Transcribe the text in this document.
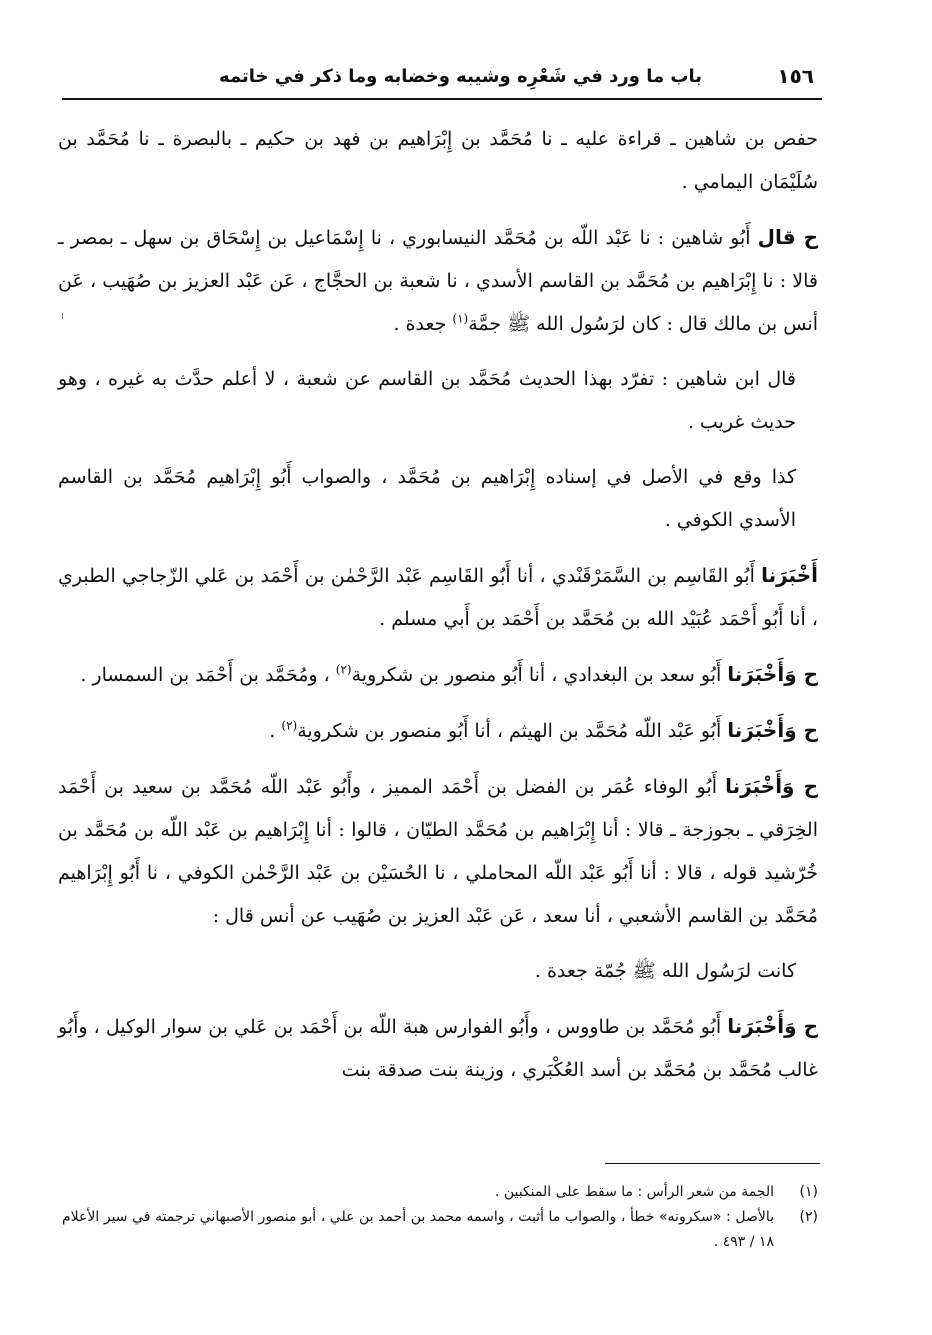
١٥٦
باب ما ورد في شَعْرِه وشيبه وخضابه وما ذكر في خاتمه

حفص بن شاهين ـ قراءة عليه ـ نا مُحَمَّد بن إِبْرَاهيم بن فهد بن حكيم ـ بالبصرة ـ نا مُحَمَّد بن سُلَيْمَان اليمامي .

ح قال أَبُو شاهين : نا عَبْد اللّه بن مُحَمَّد النيسابوري ، نا إِسْمَاعيل بن إِسْحَاق بن سهل ـ بمصر ـ قالا : نا إِبْرَاهيم بن مُحَمَّد بن القاسم الأسدي ، نا شعبة بن الحجَّاج ، عَن عَبْد العزيز بن صُهَيب ، عَن أنس بن مالك قال : كان لرَسُول الله ﷺ جمَّة$^{(١)}$ جعدة .

قال ابن شاهين : تفرّد بهذا الحديث مُحَمَّد بن القاسم عن شعبة ، لا أعلم حدَّث به غيره ، وهو حديث غريب .

كذا وقع في الأصل في إسناده إِبْرَاهيم بن مُحَمَّد ، والصواب أَبُو إِبْرَاهيم مُحَمَّد بن القاسم الأسدي الكوفي .

أَخْبَرَنا أَبُو القَاسِم بن السَّمَرْقَنْدي ، أنا أَبُو القَاسِم عَبْد الرَّحْمٰن بن أَحْمَد بن عَلي الزّجاجي الطبري ، أنا أَبُو أَحْمَد عُبَيْد الله بن مُحَمَّد بن أَحْمَد بن أَبي مسلم .

ح وَأَخْبَرَنا أَبُو سعد بن البغدادي ، أنا أَبُو منصور بن شكروية$^{(٢)}$ ، ومُحَمَّد بن أَحْمَد بن السمسار .

ح وَأَخْبَرَنا أَبُو عَبْد اللّه مُحَمَّد بن الهيثم ، أنا أَبُو منصور بن شكروية$^{(٢)}$ .

ح وَأَخْبَرَنا أَبُو الوفاء عُمَر بن الفضل بن أَحْمَد المميز ، وأَبُو عَبْد اللّه مُحَمَّد بن سعيد بن أَحْمَد الخِرَقي ـ بجوزجة ـ قالا : أنا إِبْرَاهيم بن مُحَمَّد الطيّان ، قالوا : أنا إِبْرَاهيم بن عَبْد اللّه بن مُحَمَّد بن خُرّشيد قوله ، قالا : أنا أَبُو عَبْد اللّه المحاملي ، نا الحُسَيْن بن عَبْد الرَّحْمٰن الكوفي ، نا أَبُو إِبْرَاهيم مُحَمَّد بن القاسم الأشعبي ، أنا سعد ، عَن عَبْد العزيز بن صُهَيب عن أنس قال :

كانت لرَسُول الله ﷺ جُمّة جعدة .

ح وَأَخْبَرَنا أَبُو مُحَمَّد بن طاووس ، وأَبُو الفوارس هبة اللّه بن أَحْمَد بن عَلي بن سوار الوكيل ، وأَبُو غالب مُحَمَّد بن مُحَمَّد بن أسد العُكْبَري ، وزينة بنت صدقة بنت

(١)
الجمة من شعر الرأس : ما سقط على المنكبين .

(٢)
بالأصل : «سكرونه» خطأ ، والصواب ما أثبت ، واسمه محمد بن أحمد بن علي ، أبو منصور الأصبهاني ترجمته في سير الأعلام ١٨ / ٤٩٣ .
